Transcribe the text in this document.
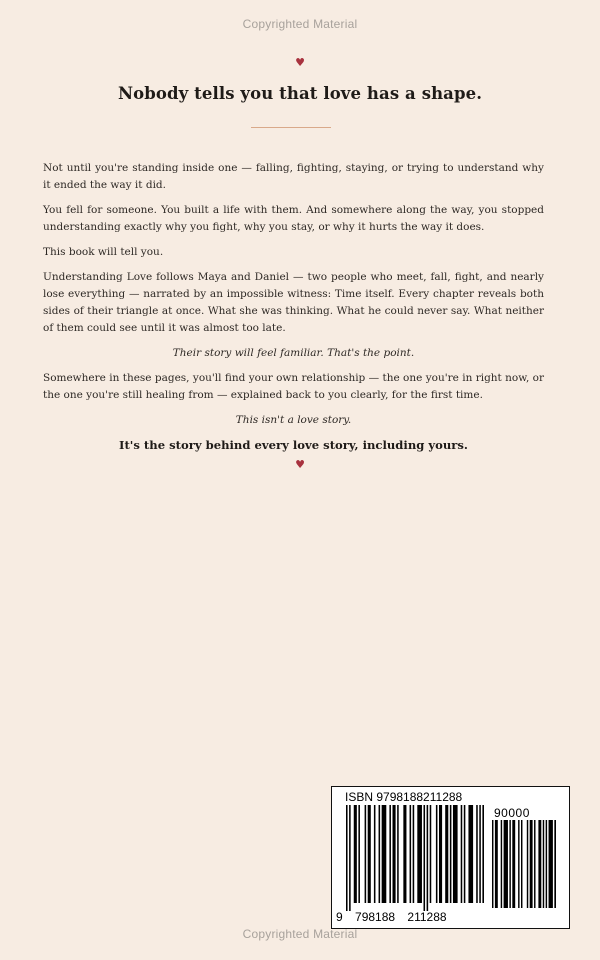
Copyrighted Material
♥
Nobody tells you that love has a shape.

Not until you're standing inside one — falling, fighting, staying, or trying to understand why it ended the way it did.

You fell for someone. You built a life with them. And somewhere along the way, you stopped understanding exactly why you fight, why you stay, or why it hurts the way it does.

This book will tell you.

Understanding Love follows Maya and Daniel — two people who meet, fall, fight, and nearly lose everything — narrated by an impossible witness: Time itself. Every chapter reveals both sides of their triangle at once. What she was thinking. What he could never say. What neither of them could see until it was almost too late.

Their story will feel familiar. That's the point.

Somewhere in these pages, you'll find your own relationship — the one you're in right now, or the one you're still healing from — explained back to you clearly, for the first time.

This isn't a love story.

It's the story behind every love story, including yours.

♥
ISBN 9798188211288
90000
9 798188 211288
Copyrighted Material
